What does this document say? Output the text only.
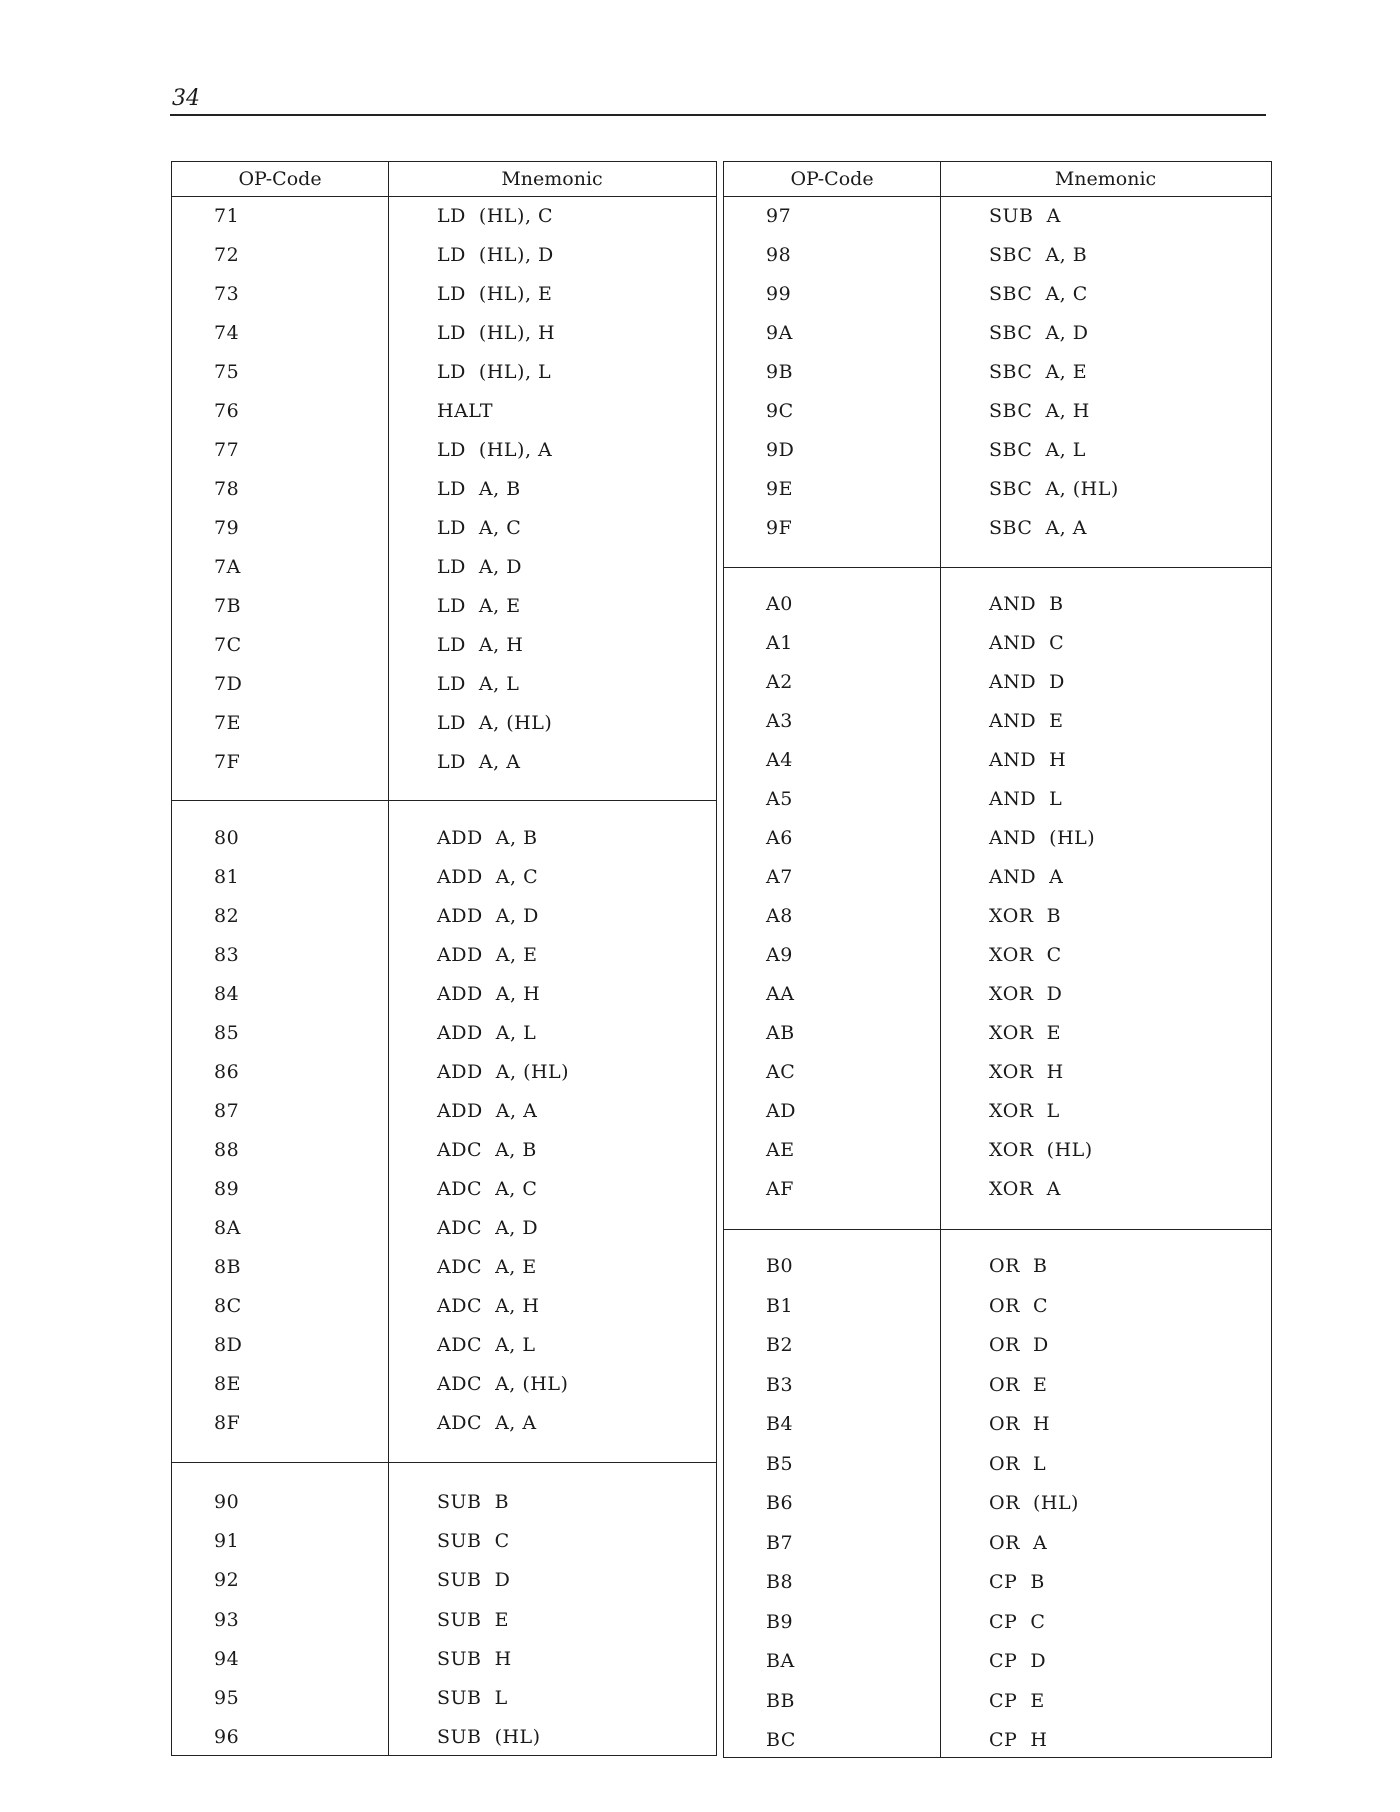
34
OP-Code	Mnemonic
71	LD  (HL), C
72	LD  (HL), D
73	LD  (HL), E
74	LD  (HL), H
75	LD  (HL), L
76	HALT
77	LD  (HL), A
78	LD  A, B
79	LD  A, C
7A	LD  A, D
7B	LD  A, E
7C	LD  A, H
7D	LD  A, L
7E	LD  A, (HL)
7F	LD  A, A
80	ADD  A, B
81	ADD  A, C
82	ADD  A, D
83	ADD  A, E
84	ADD  A, H
85	ADD  A, L
86	ADD  A, (HL)
87	ADD  A, A
88	ADC  A, B
89	ADC  A, C
8A	ADC  A, D
8B	ADC  A, E
8C	ADC  A, H
8D	ADC  A, L
8E	ADC  A, (HL)
8F	ADC  A, A
90	SUB  B
91	SUB  C
92	SUB  D
93	SUB  E
94	SUB  H
95	SUB  L
96	SUB  (HL)
OP-Code	Mnemonic
97	SUB  A
98	SBC  A, B
99	SBC  A, C
9A	SBC  A, D
9B	SBC  A, E
9C	SBC  A, H
9D	SBC  A, L
9E	SBC  A, (HL)
9F	SBC  A, A
A0	AND  B
A1	AND  C
A2	AND  D
A3	AND  E
A4	AND  H
A5	AND  L
A6	AND  (HL)
A7	AND  A
A8	XOR  B
A9	XOR  C
AA	XOR  D
AB	XOR  E
AC	XOR  H
AD	XOR  L
AE	XOR  (HL)
AF	XOR  A
B0	OR  B
B1	OR  C
B2	OR  D
B3	OR  E
B4	OR  H
B5	OR  L
B6	OR  (HL)
B7	OR  A
B8	CP  B
B9	CP  C
BA	CP  D
BB	CP  E
BC	CP  H
